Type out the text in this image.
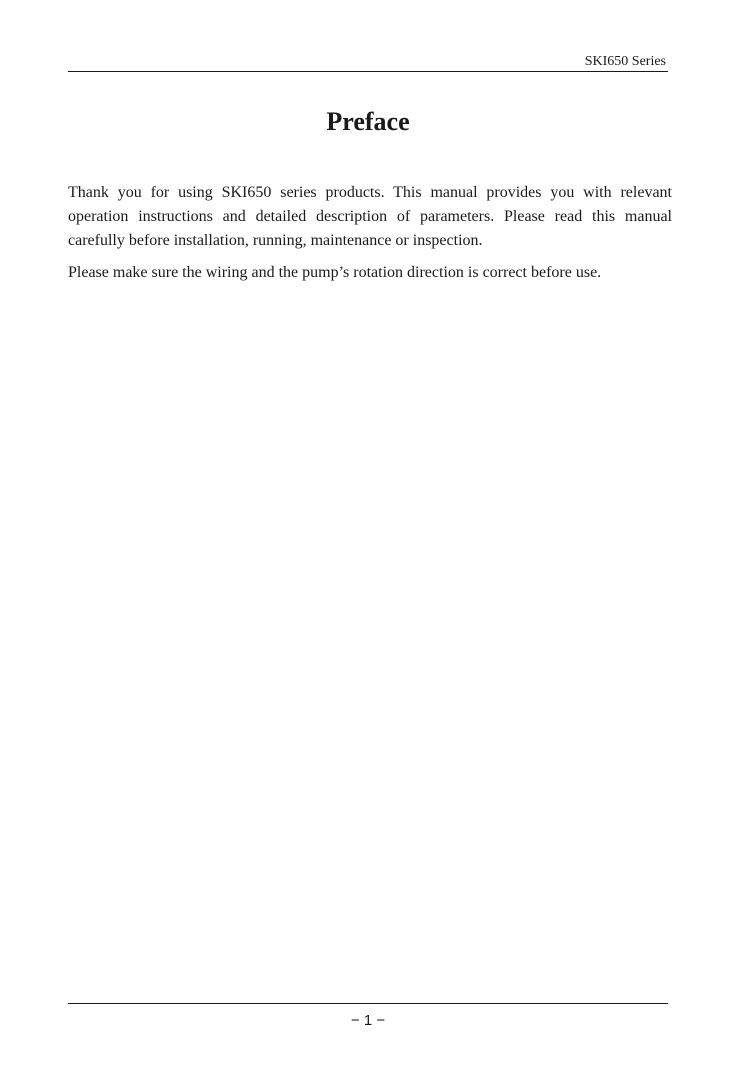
SKI650 Series
Preface

Thank you for using SKI650 series products. This manual provides you with relevant operation instructions and detailed description of parameters. Please read this manual carefully before installation, running, maintenance or inspection.

Please make sure the wiring and the pump’s rotation direction is correct before use.

− 1 −
